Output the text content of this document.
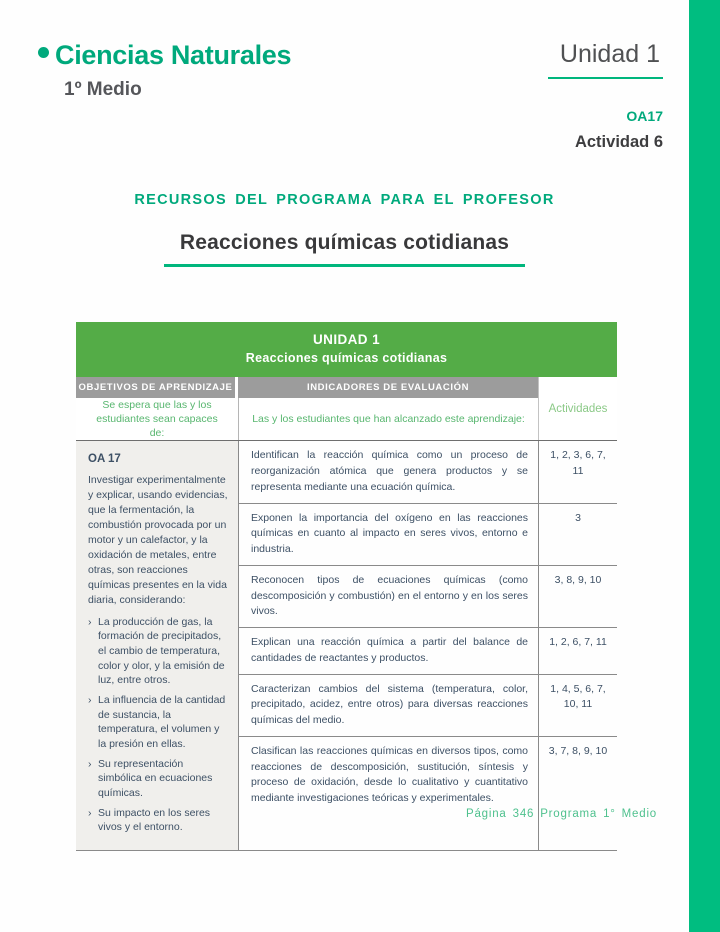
Ciencias Naturales
1º Medio
Unidad 1
OA17
Actividad 6
RECURSOS DEL PROGRAMA PARA EL PROFESOR
Reacciones químicas cotidianas
UNIDAD 1
Reacciones químicas cotidianas
OBJETIVOS DE APRENDIZAJE	INDICADORES DE EVALUACIÓN
Actividades
Se espera que las y los estudiantes sean capaces de:
Las y los estudiantes que han alcanzado este aprendizaje:
OA 17
Investigar experimentalmente y explicar, usando evidencias, que la fermentación, la combustión provocada por un motor y un calefactor, y la oxidación de metales, entre otras, son reacciones químicas presentes en la vida diaria, considerando:
› La producción de gas, la formación de precipitados, el cambio de temperatura, color y olor, y la emisión de luz, entre otros.
› La influencia de la cantidad de sustancia, la temperatura, el volumen y la presión en ellas.
› Su representación simbólica en ecuaciones químicas.
› Su impacto en los seres vivos y el entorno.
Identifican la reacción química como un proceso de reorganización atómica que genera productos y se representa mediante una ecuación química.
1, 2, 3, 6, 7, 11
Exponen la importancia del oxígeno en las reacciones químicas en cuanto al impacto en seres vivos, entorno e industria.
3
Reconocen tipos de ecuaciones químicas (como descomposición y combustión) en el entorno y en los seres vivos.
3, 8, 9, 10
Explican una reacción química a partir del balance de cantidades de reactantes y productos.
1, 2, 6, 7, 11
Caracterizan cambios del sistema (temperatura, color, precipitado, acidez, entre otros) para diversas reacciones químicas del medio.
1, 4, 5, 6, 7, 10, 11
Clasifican las reacciones químicas en diversos tipos, como reacciones de descomposición, sustitución, síntesis y proceso de oxidación, desde lo cualitativo y cuantitativo mediante investigaciones teóricas y experimentales.
3, 7, 8, 9, 10
Página 346 Programa 1° Medio
